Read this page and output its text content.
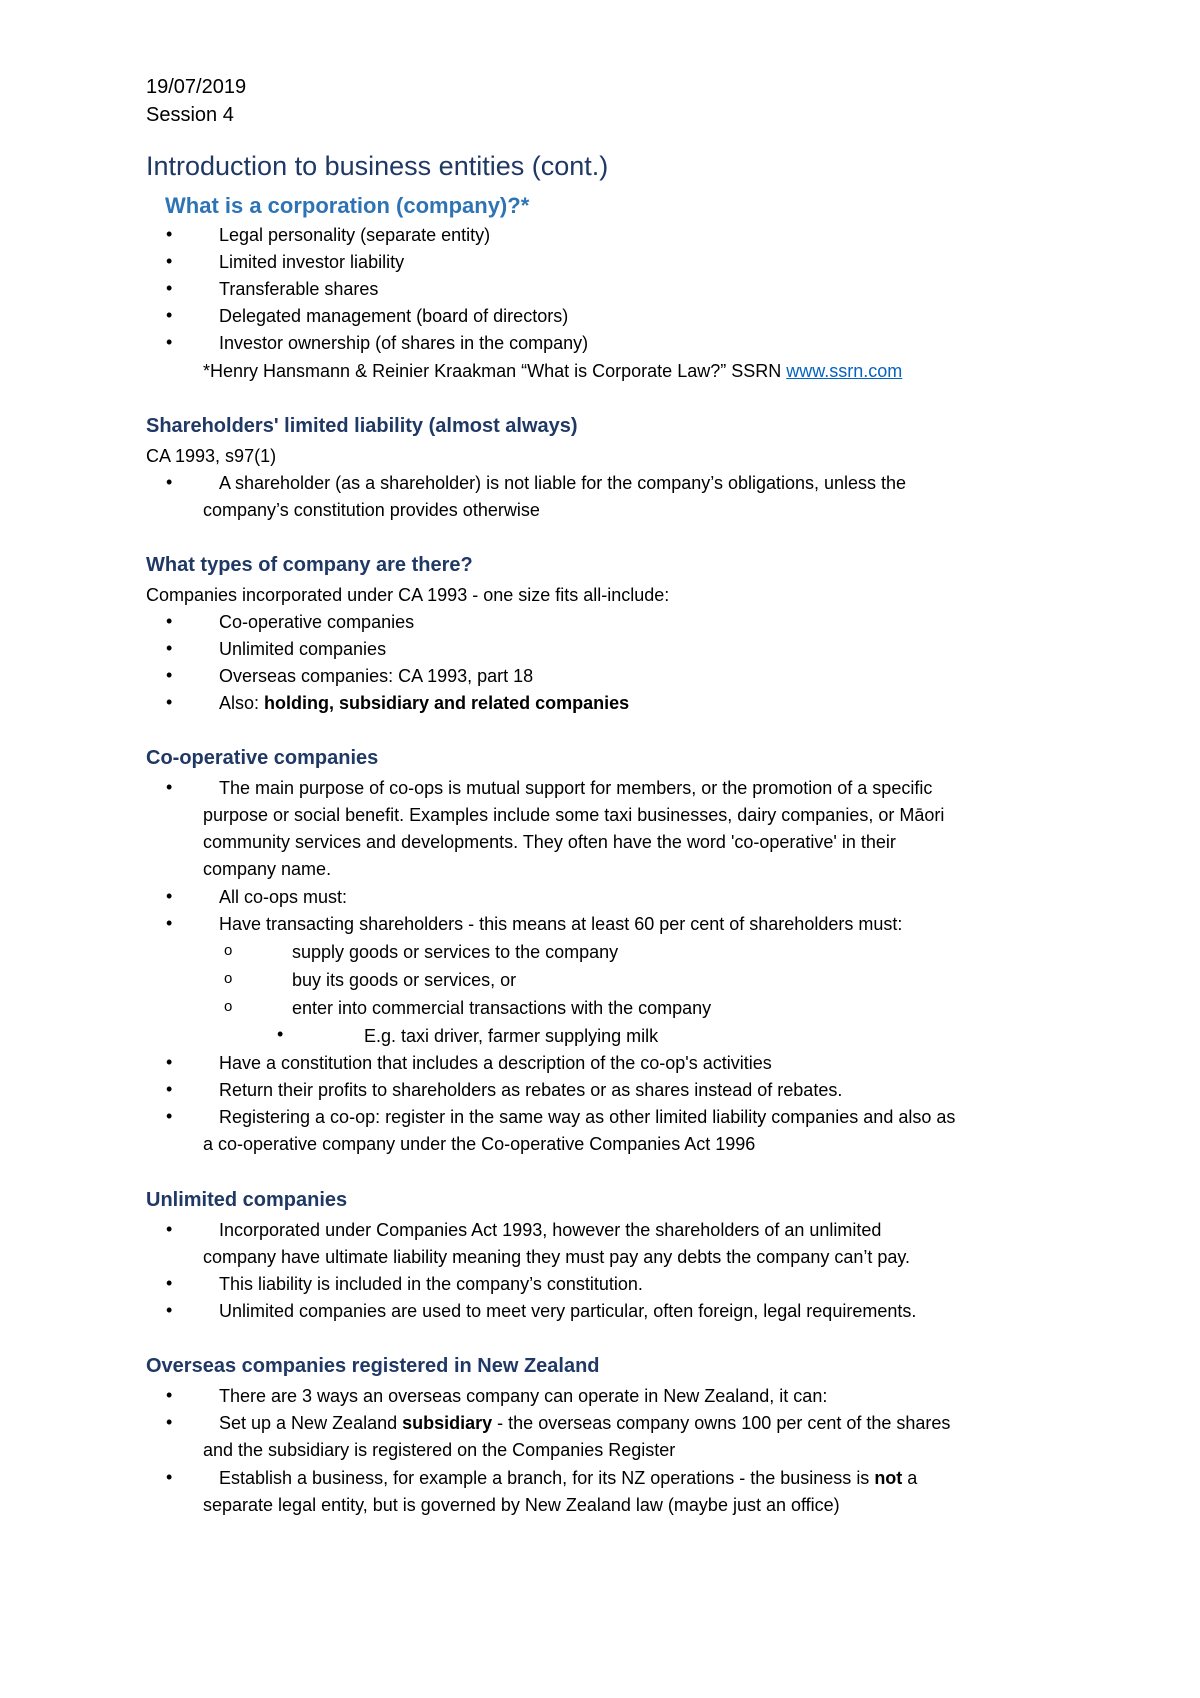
19/07/2019
Session 4
Introduction to business entities (cont.)
What is a corporation (company)?*
•	Legal personality (separate entity)
•	Limited investor liability
•	Transferable shares
•	Delegated management (board of directors)
•	Investor ownership (of shares in the company)
*Henry Hansmann & Reinier Kraakman “What is Corporate Law?” SSRN www.ssrn.com
Shareholders' limited liability (almost always)
CA 1993, s97(1)
•	A shareholder (as a shareholder) is not liable for the company’s obligations, unless the
company’s constitution provides otherwise
What types of company are there?
Companies incorporated under CA 1993 - one size fits all-include:
•	Co-operative companies
•	Unlimited companies
•	Overseas companies: CA 1993, part 18
•	Also: holding, subsidiary and related companies
Co-operative companies
•	The main purpose of co-ops is mutual support for members, or the promotion of a specific
purpose or social benefit. Examples include some taxi businesses, dairy companies, or Māori
community services and developments. They often have the word 'co-operative' in their
company name.
•	All co-ops must:
•	Have transacting shareholders - this means at least 60 per cent of shareholders must:
o	supply goods or services to the company
o	buy its goods or services, or
o	enter into commercial transactions with the company
•	E.g. taxi driver, farmer supplying milk
•	Have a constitution that includes a description of the co-op's activities
•	Return their profits to shareholders as rebates or as shares instead of rebates.
•	Registering a co-op: register in the same way as other limited liability companies and also as
a co-operative company under the Co-operative Companies Act 1996
Unlimited companies
•	Incorporated under Companies Act 1993, however the shareholders of an unlimited
company have ultimate liability meaning they must pay any debts the company can’t pay.
•	This liability is included in the company’s constitution.
•	Unlimited companies are used to meet very particular, often foreign, legal requirements.
Overseas companies registered in New Zealand
•	There are 3 ways an overseas company can operate in New Zealand, it can:
•	Set up a New Zealand subsidiary - the overseas company owns 100 per cent of the shares
and the subsidiary is registered on the Companies Register
•	Establish a business, for example a branch, for its NZ operations - the business is not a
separate legal entity, but is governed by New Zealand law (maybe just an office)
